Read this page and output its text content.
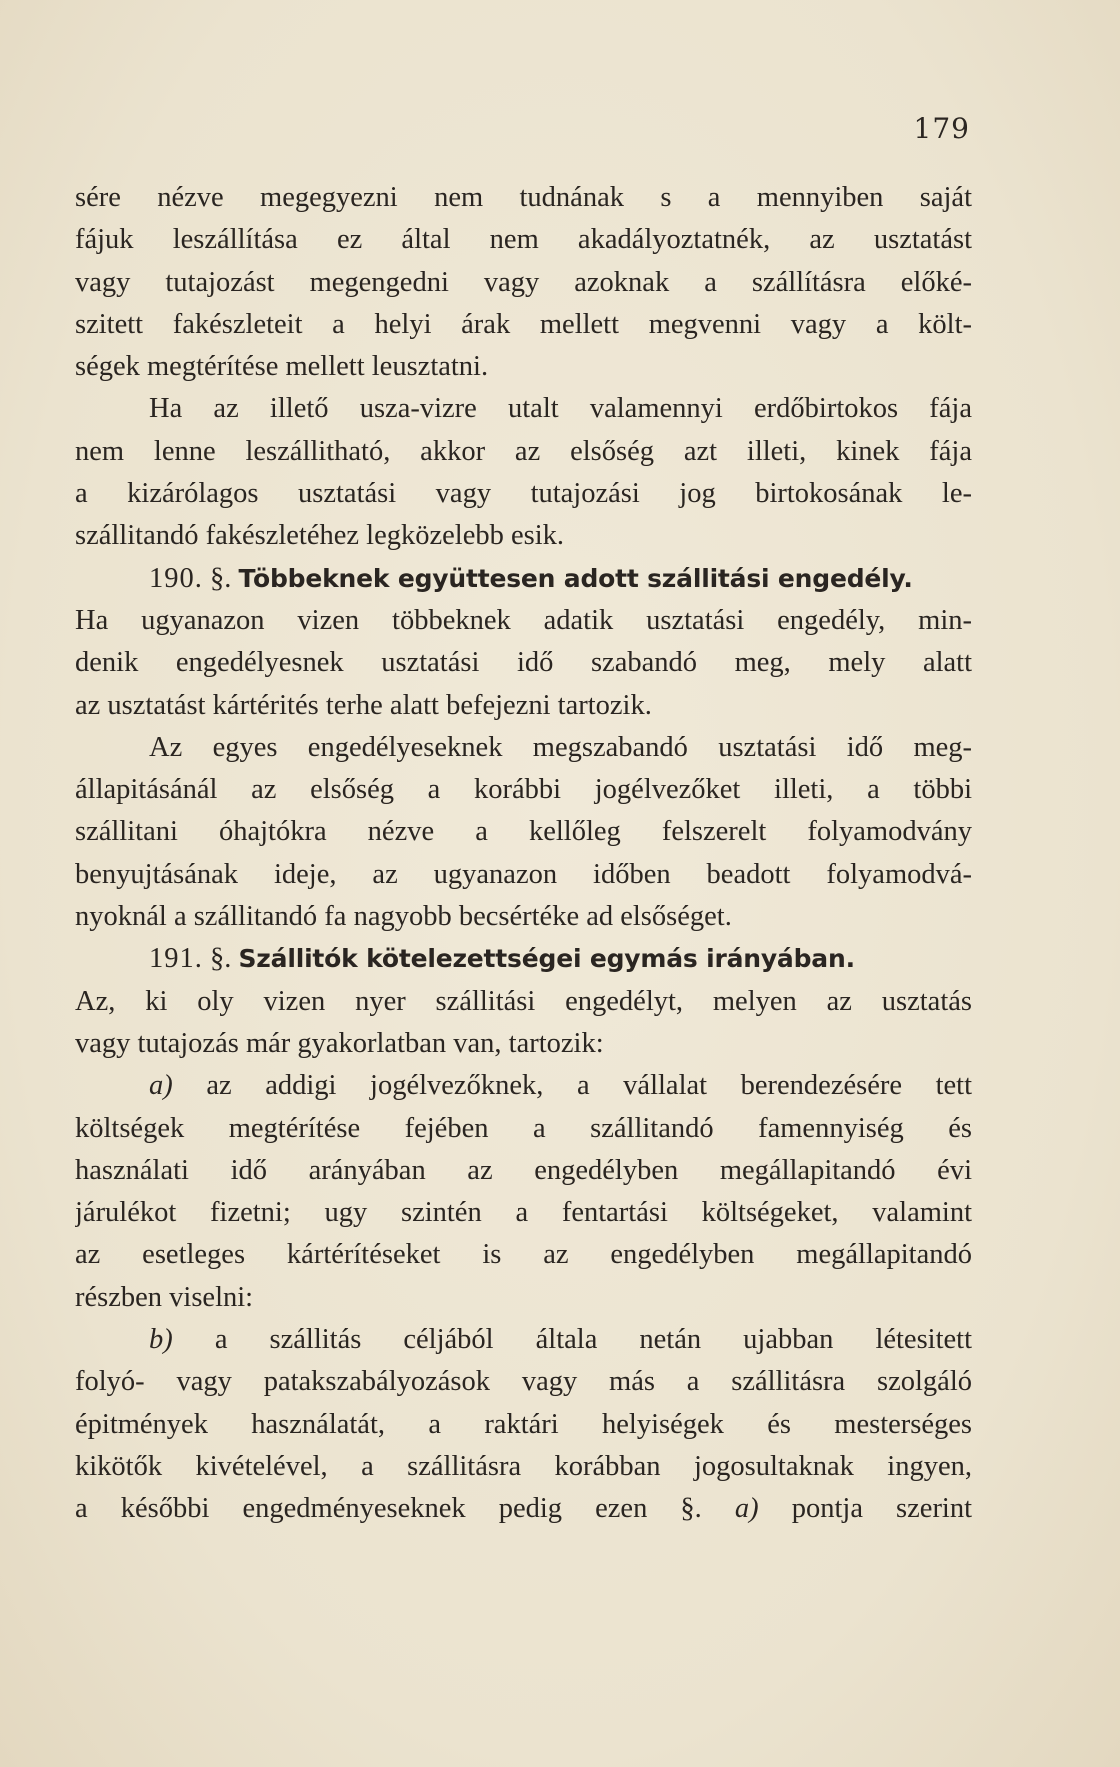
179
sére nézve megegyezni nem tudnának s a mennyiben saját
fájuk leszállítása ez által nem akadályoztatnék, az usztatást
vagy tutajozást megengedni vagy azoknak a szállításra előké-
szitett fakészleteit a helyi árak mellett megvenni vagy a költ-
ségek megtérítése mellett leusztatni.
Ha az illető usza-vizre utalt valamennyi erdőbirtokos fája
nem lenne leszállitható, akkor az elsőség azt illeti, kinek fája
a kizárólagos usztatási vagy tutajozási jog birtokosának le-
szállitandó fakészletéhez legközelebb esik.
190. §. Többeknek együttesen adott szállitási engedély.
Ha ugyanazon vizen többeknek adatik usztatási engedély, min-
denik engedélyesnek usztatási idő szabandó meg, mely alatt
az usztatást kártérités terhe alatt befejezni tartozik.
Az egyes engedélyeseknek megszabandó usztatási idő meg-
állapitásánál az elsőség a korábbi jogélvezőket illeti, a többi
szállitani óhajtókra nézve a kellőleg felszerelt folyamodvány
benyujtásának ideje, az ugyanazon időben beadott folyamodvá-
nyoknál a szállitandó fa nagyobb becsértéke ad elsőséget.
191. §. Szállitók kötelezettségei egymás irányában.
Az, ki oly vizen nyer szállitási engedélyt, melyen az usztatás
vagy tutajozás már gyakorlatban van, tartozik:
a) az addigi jogélvezőknek, a vállalat berendezésére tett
költségek megtérítése fejében a szállitandó famennyiség és
használati idő arányában az engedélyben megállapitandó évi
járulékot fizetni; ugy szintén a fentartási költségeket, valamint
az esetleges kártérítéseket is az engedélyben megállapitandó
részben viselni:
b) a szállitás céljából általa netán ujabban létesitett
folyó- vagy patakszabályozások vagy más a szállitásra szolgáló
épitmények használatát, a raktári helyiségek és mesterséges
kikötők kivételével, a szállitásra korábban jogosultaknak ingyen,
a későbbi engedményeseknek pedig ezen §. a) pontja szerint
